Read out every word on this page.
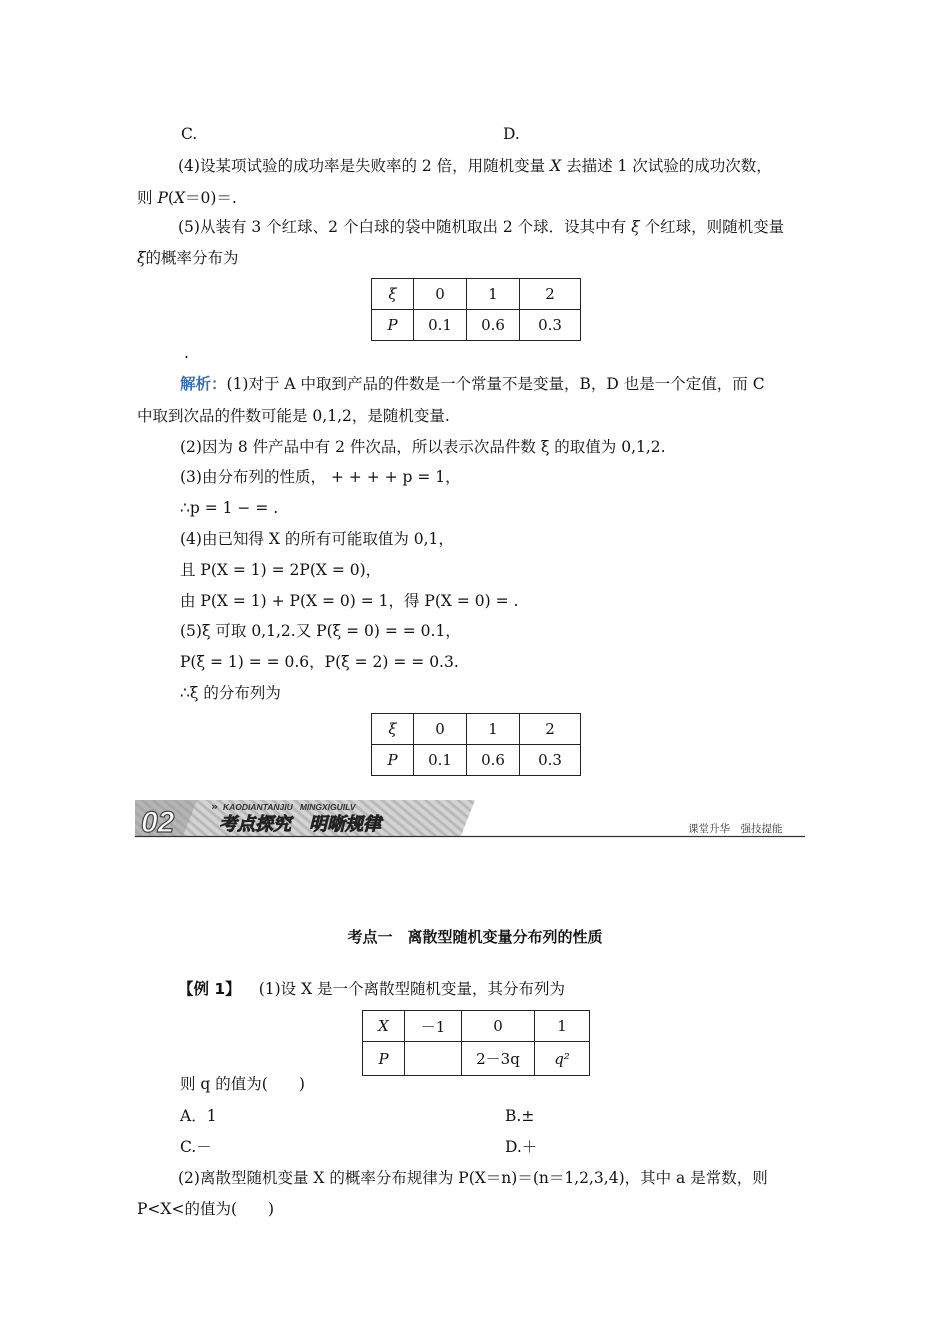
C.	D.
(4)设某项试验的成功率是失败率的 2 倍，用随机变量 X 去描述 1 次试验的成功次数，
则 P(X＝0)＝.
(5)从装有 3 个红球、2 个白球的袋中随机取出 2 个球．设其中有 ξ 个红球，则随机变量
ξ的概率分布为
ξ	0	1	2
P	0.1	0.6	0.3
.
解析：(1)对于 A 中取到产品的件数是一个常量不是变量，B，D 也是一个定值，而 C
中取到次品的件数可能是 0,1,2，是随机变量.
(2)因为 8 件产品中有 2 件次品，所以表示次品件数 ξ 的取值为 0,1,2.
(3)由分布列的性质， + + + + p = 1，
∴p = 1 − = .
(4)由已知得 X 的所有可能取值为 0,1，
且 P(X = 1) = 2P(X = 0)，
由 P(X = 1) + P(X = 0) = 1，得 P(X = 0) = .
(5)ξ 可取 0,1,2.又 P(ξ = 0) = = 0.1，
P(ξ = 1) = = 0.6，P(ξ = 2) = = 0.3.
∴ξ 的分布列为
ξ	0	1	2
P	0.1	0.6	0.3
02	» KAODIANTANJIU   MINGXIGUILV
考点探究　明晰规律	课堂升华　强技提能
考点一　离散型随机变量分布列的性质
【例 1】 (1)设 X 是一个离散型随机变量，其分布列为
X	－1	0	1
P		2－3q	q²
则 q 的值为(　　)
A．1	B.±
C.－	D.＋
(2)离散型随机变量 X 的概率分布规律为 P(X＝n)＝(n＝1,2,3,4)，其中 a 是常数，则
P<X<的值为(　　)
